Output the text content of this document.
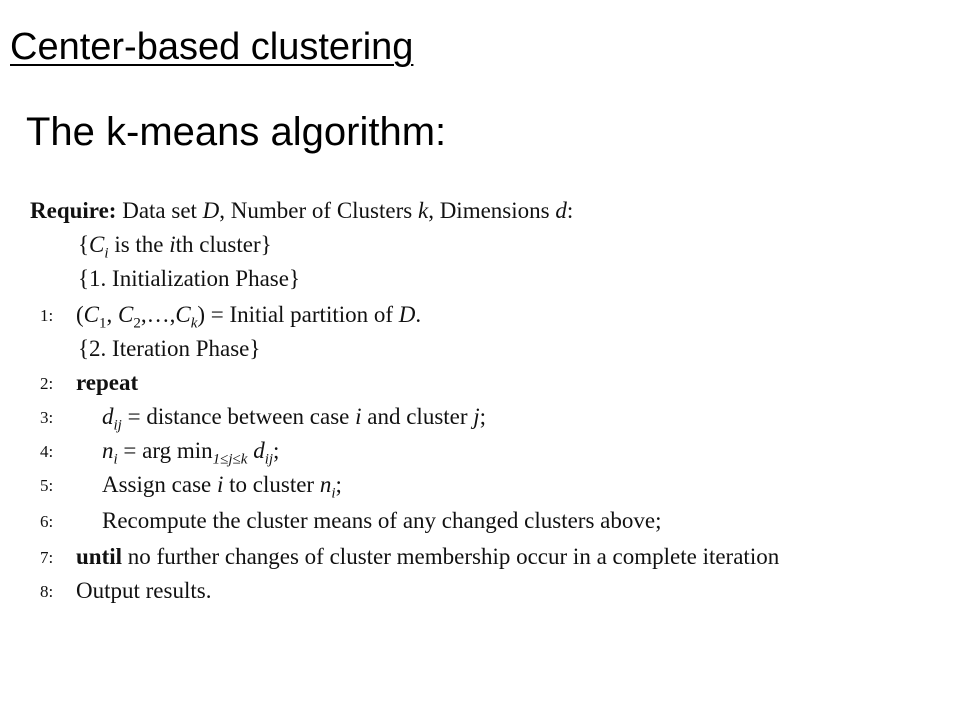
Center-based clustering
The k-means algorithm:
Require: Data set D, Number of Clusters k, Dimensions d:
{$C_i$ is the ith cluster}
{1. Initialization Phase}
1: ($C_1$, $C_2,\dots,C_k$) = Initial partition of D.
{2. Iteration Phase}
2: repeat
3:	$d_{ij}$ = distance between case i and cluster j;
4:	$n_i$ = arg $\min_{1\le j\le k} d_{ij}$;
5:	Assign case i to cluster $n_i$;
6:	Recompute the cluster means of any changed clusters above;
7: until no further changes of cluster membership occur in a complete iteration
8: Output results.
